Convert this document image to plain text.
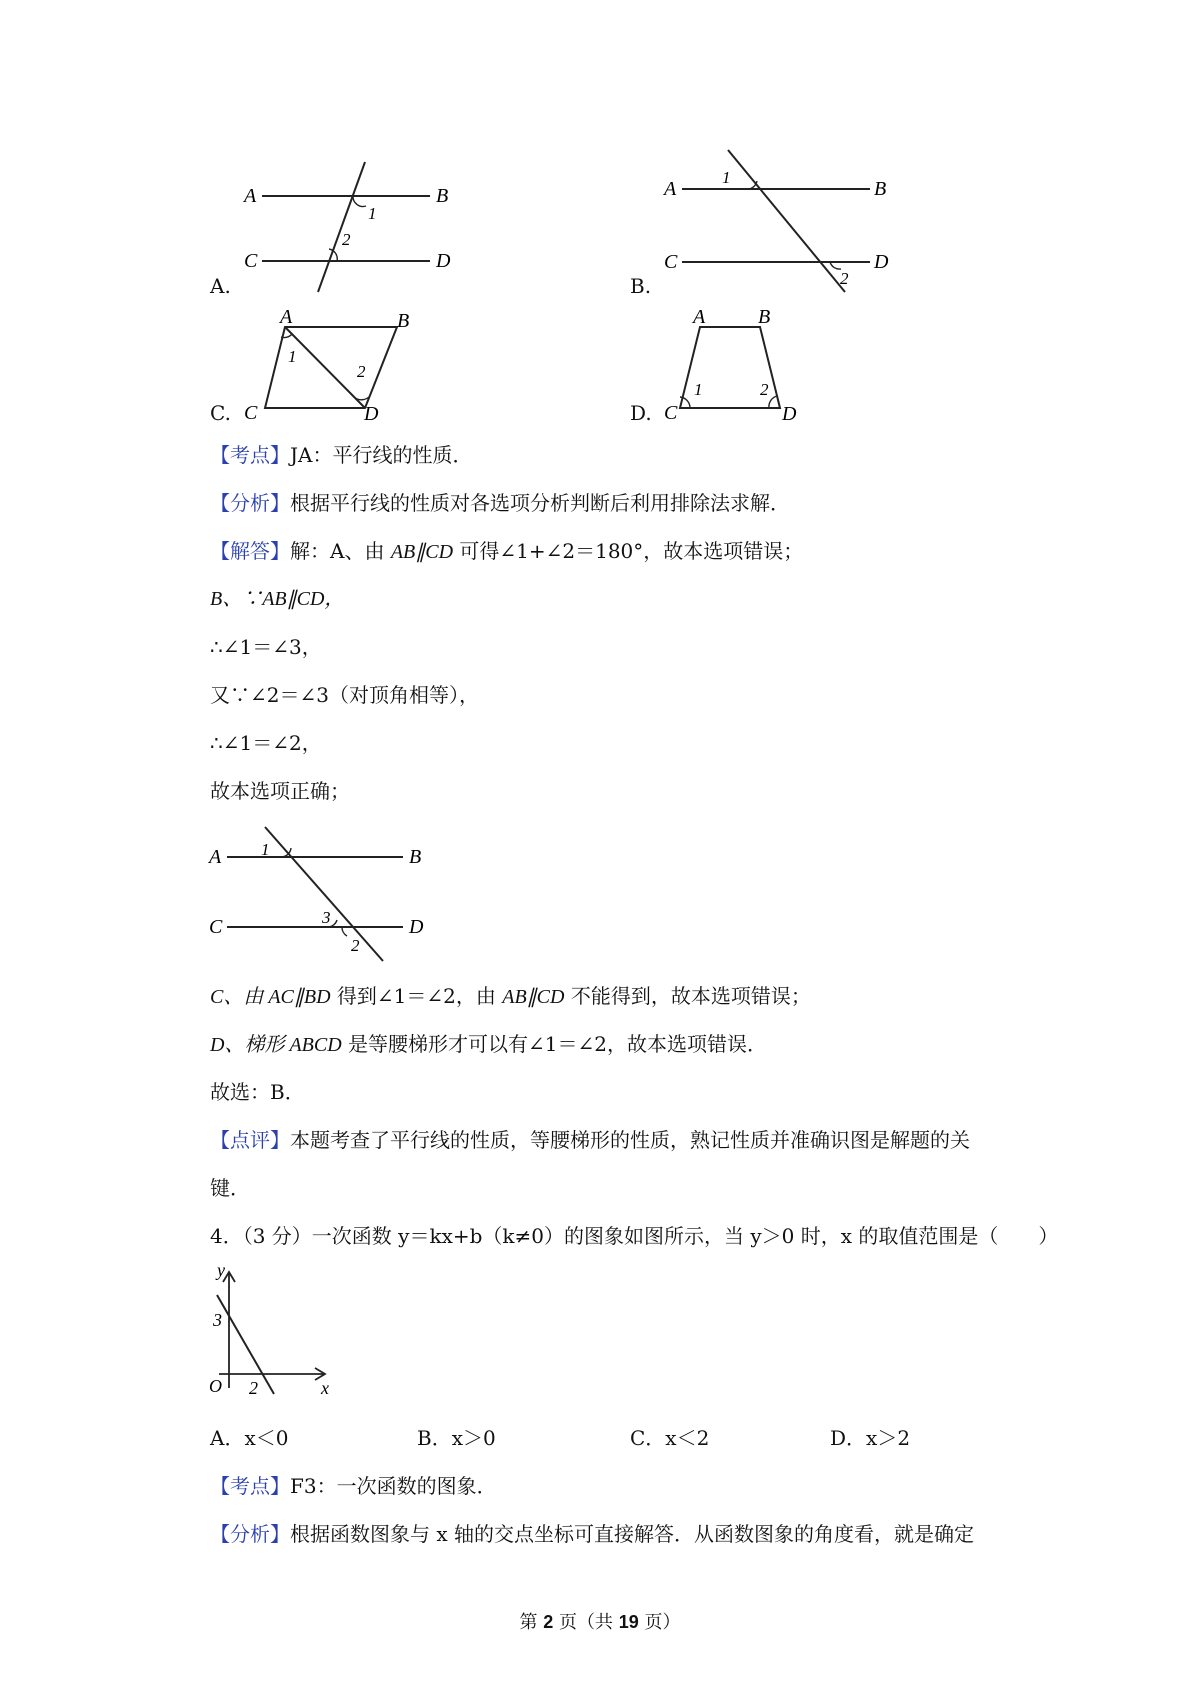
A	B
C	D
1
2
A.
A	B
C	D
1
2
B.
A	B
C	D
1
2
C.
A	B
C	D
1	2
D.
【考点】JA：平行线的性质．
【分析】根据平行线的性质对各选项分析判断后利用排除法求解．
【解答】解：A、由 AB∥CD 可得∠1+∠2＝180°，故本选项错误；
B、∵AB∥CD，
∴∠1＝∠3，
又∵∠2＝∠3（对顶角相等），
∴∠1＝∠2，
故本选项正确；
A	B
C	D
1
3
2
C、由 AC∥BD 得到∠1＝∠2，由 AB∥CD 不能得到，故本选项错误；
D、梯形 ABCD 是等腰梯形才可以有∠1＝∠2，故本选项错误．
故选：B．
【点评】本题考查了平行线的性质，等腰梯形的性质，熟记性质并准确识图是解题的关
键．
4．（3 分）一次函数 y＝kx+b（k≠0）的图象如图所示，当 y＞0 时，x 的取值范围是（　　）
y
x
O
3
2
A．x＜0	B．x＞0	C．x＜2	D．x＞2
【考点】F3：一次函数的图象．
【分析】根据函数图象与 x 轴的交点坐标可直接解答．从函数图象的角度看，就是确定
第 2 页（共 19 页）
